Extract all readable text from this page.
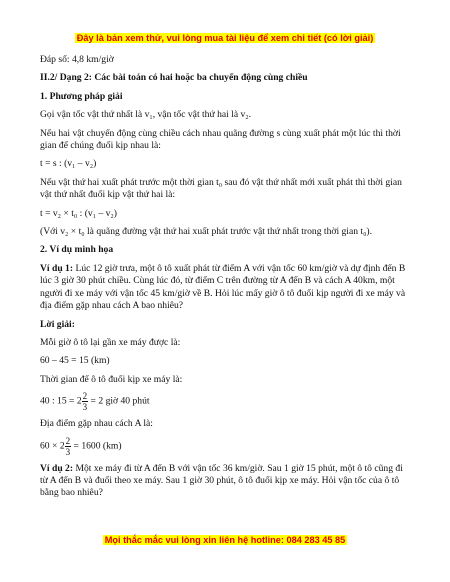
Đây là bản xem thử, vui lòng mua tài liệu để xem chi tiết (có lời giải)

Đáp số: 4,8 km/giờ

II.2/ Dạng 2: Các bài toán có hai hoặc ba chuyển động cùng chiều

1. Phương pháp giải

Gọi vận tốc vật thứ nhất là v₁, vận tốc vật thứ hai là v₂.

Nếu hai vật chuyển động cùng chiều cách nhau quãng đường s cùng xuất phát một lúc thì thời gian để chúng đuổi kịp nhau là:

t = s : (v₁ – v₂)

Nếu vật thứ hai xuất phát trước một thời gian t₀ sau đó vật thứ nhất mới xuất phát thì thời gian vật thứ nhất đuổi kịp vật thứ hai là:

t = v₂ × t₀ : (v₁ – v₂)

(Với v₂ × t₀ là quãng đường vật thứ hai xuất phát trước vật thứ nhất trong thời gian t₀).

2. Ví dụ minh họa

Ví dụ 1: Lúc 12 giờ trưa, một ô tô xuất phát từ điểm A với vận tốc 60 km/giờ và dự định đến B lúc 3 giờ 30 phút chiều. Cùng lúc đó, từ điểm C trên đường từ A đến B và cách A 40km, một người đi xe máy với vận tốc 45 km/giờ về B. Hỏi lúc mấy giờ ô tô đuổi kịp người đi xe máy và địa điểm gặp nhau cách A bao nhiêu?

Lời giải:

Mỗi giờ ô tô lại gần xe máy được là:

60 – 45 = 15 (km)

Thời gian để ô tô đuổi kịp xe máy là:

40 : $15 = 2 \frac{2}{3} = 2$ giờ 40 phút

Địa điểm gặp nhau cách A là:

$60 \times 2 \frac{2}{3} = 1600$ (km)

Ví dụ 2: Một xe máy đi từ A đến B với vận tốc 36 km/giờ. Sau 1 giờ 15 phút, một ô tô cũng đi từ A đến B và đuổi theo xe máy. Sau 1 giờ 30 phút, ô tô đuổi kịp xe máy. Hỏi vận tốc của ô tô bằng bao nhiêu?

Mọi thắc mắc vui lòng xin liên hệ hotline: 084 283 45 85
